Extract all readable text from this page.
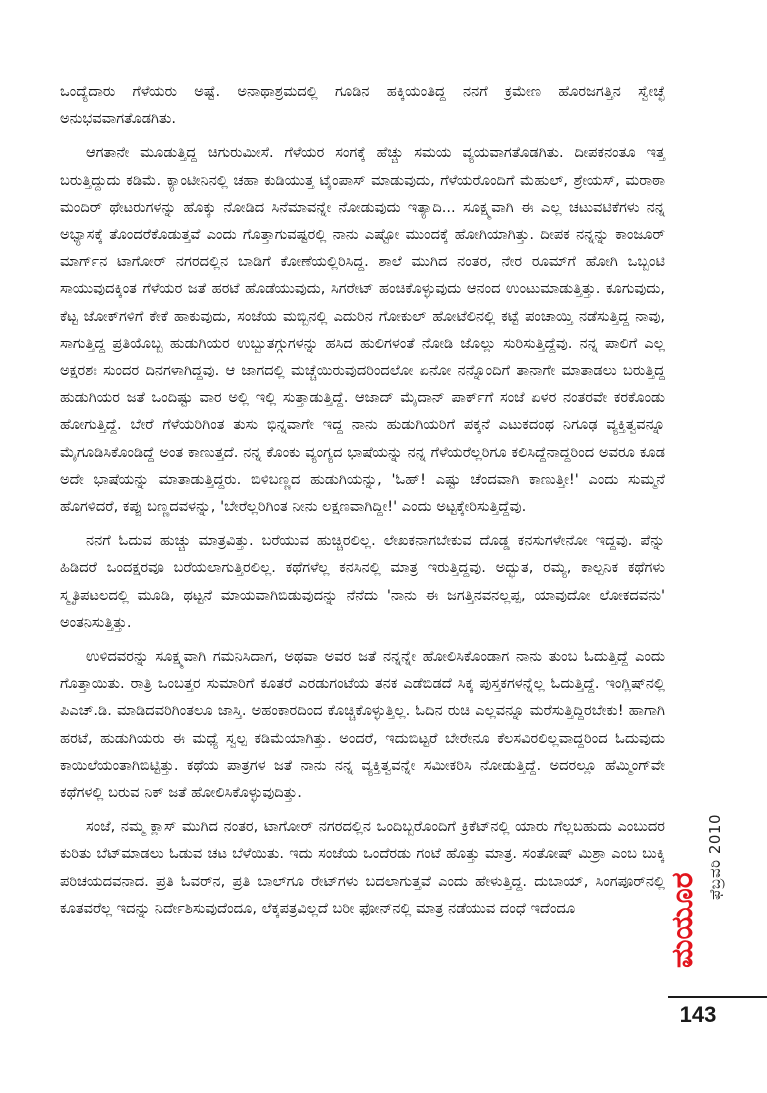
ಒಂದ್ಯೆದಾರು ಗೆಳೆಯರು ಅಷ್ಟೆ. ಅನಾಥಾಶ್ರಮದಲ್ಲಿ ಗೂಡಿನ ಹಕ್ಕಿಯಂತಿದ್ದ ನನಗೆ ಕ್ರಮೇಣ ಹೊರಜಗತ್ತಿನ ಸ್ವೇಚ್ಛೆ ಅನುಭವವಾಗತೊಡಗಿತು.

ಆಗತಾನೇ ಮೂಡುತ್ತಿದ್ದ ಚಿಗುರುಮೀಸೆ. ಗೆಳೆಯರ ಸಂಗಕ್ಕೆ ಹೆಚ್ಚು ಸಮಯ ವ್ಯಯವಾಗತೊಡಗಿತು. ದೀಪಕನಂತೂ ಇತ್ತ ಬರುತ್ತಿದ್ದುದು ಕಡಿಮೆ. ಕ್ಯಾಂಟೀನಿನಲ್ಲಿ ಚಹಾ ಕುಡಿಯುತ್ತ ಟೈಂಪಾಸ್ ಮಾಡುವುದು, ಗೆಳೆಯರೊಂದಿಗೆ ಮೆಹುಲ್, ಶ್ರೇಯಸ್, ಮರಾಠಾ ಮಂದಿರ್ ಥೇಟರುಗಳನ್ನು ಹೊಕ್ಕು ನೋಡಿದ ಸಿನೆಮಾವನ್ನೇ ನೋಡುವುದು ಇತ್ಯಾದಿ... ಸೂಕ್ಷ್ಮವಾಗಿ ಈ ಎಲ್ಲ ಚಟುವಟಿಕೆಗಳು ನನ್ನ ಅಭ್ಯಾಸಕ್ಕೆ ತೊಂದರೆಕೊಡುತ್ತವೆ ಎಂದು ಗೊತ್ತಾಗುವಷ್ಟರಲ್ಲಿ ನಾನು ಎಷ್ಟೋ ಮುಂದಕ್ಕೆ ಹೋಗಿಯಾಗಿತ್ತು. ದೀಪಕ ನನ್ನನ್ನು ಕಾಂಜೂರ್ ಮಾರ್ಗ್‌ನ ಟಾಗೋರ್ ನಗರದಲ್ಲಿನ ಬಾಡಿಗೆ ಕೋಣೆಯಲ್ಲಿರಿಸಿದ್ದ. ಶಾಲೆ ಮುಗಿದ ನಂತರ, ನೇರ ರೂಮ್‌ಗೆ ಹೋಗಿ ಒಬ್ಬಂಟಿ ಸಾಯುವುದಕ್ಕಿಂತ ಗೆಳೆಯರ ಜತೆ ಹರಟೆ ಹೊಡೆಯುವುದು, ಸಿಗರೇಟ್ ಹಂಚಿಕೊಳ್ಳುವುದು ಆನಂದ ಉಂಟುಮಾಡುತ್ತಿತ್ತು. ಕೂಗುವುದು, ಕೆಟ್ಟ ಜೋಕ್‌ಗಳಿಗೆ ಕೇಕೆ ಹಾಕುವುದು, ಸಂಜೆಯ ಮಬ್ಬಿನಲ್ಲಿ ಎದುರಿನ ಗೋಕುಲ್ ಹೋಟೆಲಿನಲ್ಲಿ ಕಟ್ಟೆ ಪಂಚಾಯ್ತಿ ನಡೆಸುತ್ತಿದ್ದ ನಾವು, ಸಾಗುತ್ತಿದ್ದ ಪ್ರತಿಯೊಬ್ಬ ಹುಡುಗಿಯರ ಉಬ್ಬುತಗ್ಗುಗಳನ್ನು ಹಸಿದ ಹುಲಿಗಳಂತೆ ನೋಡಿ ಜೊಲ್ಲು ಸುರಿಸುತ್ತಿದ್ದೆವು. ನನ್ನ ಪಾಲಿಗೆ ಎಲ್ಲ ಅಕ್ಷರಶಃ ಸುಂದರ ದಿನಗಳಾಗಿದ್ದವು. ಆ ಜಾಗದಲ್ಲಿ ಮಚ್ಚೆಯಿರುವುದರಿಂದಲೋ ಏನೋ ನನ್ನೊಂದಿಗೆ ತಾನಾಗೇ ಮಾತಾಡಲು ಬರುತ್ತಿದ್ದ ಹುಡುಗಿಯರ ಜತೆ ಒಂದಿಷ್ಟು ವಾರ ಅಲ್ಲಿ ಇಲ್ಲಿ ಸುತ್ತಾಡುತ್ತಿದ್ದೆ. ಆಜಾದ್ ಮೈದಾನ್ ಪಾರ್ಕ್‌ಗೆ ಸಂಜೆ ಏಳರ ನಂತರವೇ ಕರಕೊಂಡು ಹೋಗುತ್ತಿದ್ದೆ. ಬೇರೆ ಗೆಳೆಯರಿಗಿಂತ ತುಸು ಭಿನ್ನವಾಗೇ ಇದ್ದ ನಾನು ಹುಡುಗಿಯರಿಗೆ ಪಕ್ಕನೆ ಎಟುಕದಂಥ ನಿಗೂಢ ವ್ಯಕ್ತಿತ್ವವನ್ನೂ ಮೈಗೂಡಿಸಿಕೊಂಡಿದ್ದೆ ಅಂತ ಕಾಣುತ್ತದೆ. ನನ್ನ ಕೊಂಕು ವ್ಯಂಗ್ಯದ ಭಾಷೆಯನ್ನು ನನ್ನ ಗೆಳೆಯರೆಲ್ಲರಿಗೂ ಕಲಿಸಿದ್ದೆನಾದ್ದರಿಂದ ಅವರೂ ಕೂಡ ಅದೇ ಭಾಷೆಯನ್ನು ಮಾತಾಡುತ್ತಿದ್ದರು. ಬಿಳಿಬಣ್ಣದ ಹುಡುಗಿಯನ್ನು, 'ಓಹ್! ಎಷ್ಟು ಚೆಂದವಾಗಿ ಕಾಣುತ್ತೀ!' ಎಂದು ಸುಮ್ಮನೆ ಹೊಗಳಿದರೆ, ಕಪ್ಪು ಬಣ್ಣದವಳನ್ನು, 'ಬೇರೆಲ್ಲರಿಗಿಂತ ನೀನು ಲಕ್ಷಣವಾಗಿದ್ದೀ!' ಎಂದು ಅಟ್ಟಕ್ಕೇರಿಸುತ್ತಿದ್ದೆವು.

ನನಗೆ ಓದುವ ಹುಚ್ಚು ಮಾತ್ರವಿತ್ತು. ಬರೆಯುವ ಹುಚ್ಚಿರಲಿಲ್ಲ. ಲೇಖಕನಾಗಬೇಕುವ ದೊಡ್ಡ ಕನಸುಗಳೇನೋ ಇದ್ದವು. ಪೆನ್ನು ಹಿಡಿದರೆ ಒಂದಕ್ಷರವೂ ಬರೆಯಲಾಗುತ್ತಿರಲಿಲ್ಲ. ಕಥೆಗಳೆಲ್ಲ ಕನಸಿನಲ್ಲಿ ಮಾತ್ರ ಇರುತ್ತಿದ್ದವು. ಅದ್ಭುತ, ರಮ್ಯ, ಕಾಲ್ಪನಿಕ ಕಥೆಗಳು ಸ್ಮೃತಿಪಟಲದಲ್ಲಿ ಮೂಡಿ, ಥಟ್ಟನೆ ಮಾಯವಾಗಿಬಿಡುವುದನ್ನು ನೆನೆದು 'ನಾನು ಈ ಜಗತ್ತಿನವನಲ್ಲಪ್ಪ, ಯಾವುದೋ ಲೋಕದವನು' ಅಂತನಿಸುತ್ತಿತ್ತು.

ಉಳಿದವರನ್ನು ಸೂಕ್ಷ್ಮವಾಗಿ ಗಮನಿಸಿದಾಗ, ಅಥವಾ ಅವರ ಜತೆ ನನ್ನನ್ನೇ ಹೋಲಿಸಿಕೊಂಡಾಗ ನಾನು ತುಂಬ ಓದುತ್ತಿದ್ದೆ ಎಂದು ಗೊತ್ತಾಯಿತು. ರಾತ್ರಿ ಒಂಬತ್ತರ ಸುಮಾರಿಗೆ ಕೂತರೆ ಎರಡುಗಂಟೆಯ ತನಕ ಎಡೆಬಿಡದೆ ಸಿಕ್ಕ ಪುಸ್ತಕಗಳನ್ನೆಲ್ಲ ಓದುತ್ತಿದ್ದೆ. ಇಂಗ್ಲಿಷ್‌ನಲ್ಲಿ ಪಿಎಚ್.ಡಿ. ಮಾಡಿದವರಿಗಿಂತಲೂ ಜಾಸ್ತಿ. ಅಹಂಕಾರದಿಂದ ಕೊಚ್ಚಿಕೊಳ್ಳುತ್ತಿಲ್ಲ. ಓದಿನ ರುಚಿ ಎಲ್ಲವನ್ನೂ ಮರೆಸುತ್ತಿದ್ದಿರಬೇಕು! ಹಾಗಾಗಿ ಹರಟೆ, ಹುಡುಗಿಯರು ಈ ಮಧ್ಯೆ ಸ್ವಲ್ಪ ಕಡಿಮೆಯಾಗಿತ್ತು. ಅಂದರೆ, ಇದುಬಿಟ್ಟರೆ ಬೇರೇನೂ ಕೆಲಸವಿರಲಿಲ್ಲವಾದ್ದರಿಂದ ಓದುವುದು ಕಾಯಿಲೆಯಂತಾಗಿಬಿಟ್ಟಿತ್ತು. ಕಥೆಯ ಪಾತ್ರಗಳ ಜತೆ ನಾನು ನನ್ನ ವ್ಯಕ್ತಿತ್ವವನ್ನೇ ಸಮೀಕರಿಸಿ ನೋಡುತ್ತಿದ್ದೆ. ಅದರಲ್ಲೂ ಹೆಮ್ಮಿಂಗ್‌ವೇ ಕಥೆಗಳಲ್ಲಿ ಬರುವ ನಿಕ್ ಜತೆ ಹೋಲಿಸಿಕೊಳ್ಳುವುದಿತ್ತು.

ಸಂಜೆ, ನಮ್ಮ ಕ್ಲಾಸ್ ಮುಗಿದ ನಂತರ, ಟಾಗೋರ್ ನಗರದಲ್ಲಿನ ಒಂದಿಬ್ಬರೊಂದಿಗೆ ಕ್ರಿಕೆಟ್‌ನಲ್ಲಿ ಯಾರು ಗೆಲ್ಲಬಹುದು ಎಂಬುದರ ಕುರಿತು ಬೆಟ್‌ಮಾಡಲು ಓಡುವ ಚಟ ಬೆಳೆಯಿತು. ಇದು ಸಂಜೆಯ ಒಂದೆರಡು ಗಂಟೆ ಹೊತ್ತು ಮಾತ್ರ. ಸಂತೋಷ್ ಮಿಶ್ರಾ ಎಂಬ ಬುಕ್ಕಿ ಪರಿಚಯದವನಾದ. ಪ್ರತಿ ಓವರ್‌ನ, ಪ್ರತಿ ಬಾಲ್‌ಗೂ ರೇಟ್‌ಗಳು ಬದಲಾಗುತ್ತವೆ ಎಂದು ಹೇಳುತ್ತಿದ್ದ. ದುಬಾಯ್, ಸಿಂಗಪೂರ್‌ನಲ್ಲಿ ಕೂತವರೆಲ್ಲ ಇದನ್ನು ನಿರ್ದೇಶಿಸುವುದೆಂದೂ, ಲೆಕ್ಕಪತ್ರವಿಲ್ಲದೆ ಬರೀ ಫೋನ್‌ನಲ್ಲಿ ಮಾತ್ರ ನಡೆಯುವ ದಂಧೆ ಇದೆಂದೂ	ಮಯೂರ
ಫೆಬ್ರವರಿ 2010
143
